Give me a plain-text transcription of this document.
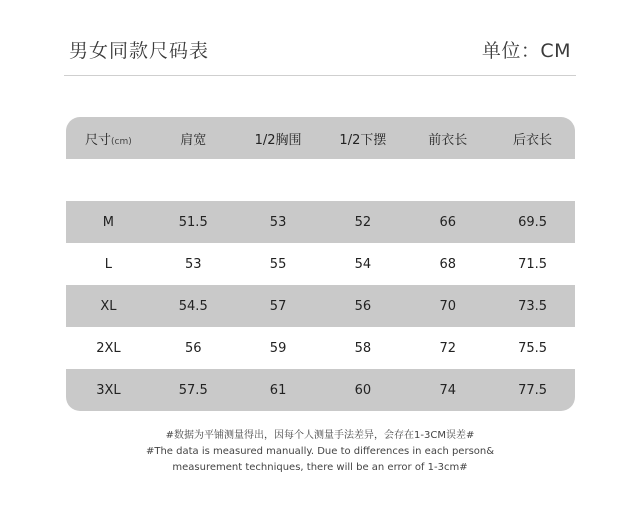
男女同款尺码表	单位：CM
尺寸(cm)	肩宽	1/2胸围	1/2下摆	前衣长	后衣长
M	51.5	53	52	66	69.5
L	53	55	54	68	71.5
XL	54.5	57	56	70	73.5
2XL	56	59	58	72	75.5
3XL	57.5	61	60	74	77.5
#数据为平铺测量得出，因每个人测量手法差异，会存在1-3CM误差#
#The data is measured manually. Due to differences in each person&
measurement techniques, there will be an error of 1-3cm#
